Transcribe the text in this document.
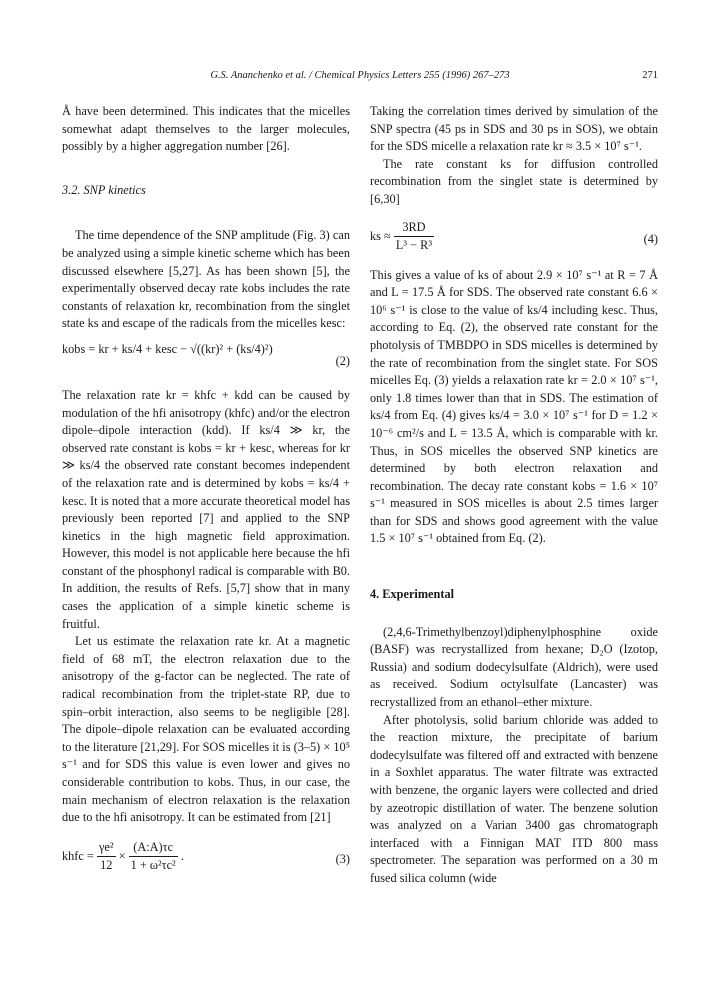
G.S. Ananchenko et al. / Chemical Physics Letters 255 (1996) 267–273	271

Å have been determined. This indicates that the micelles somewhat adapt themselves to the larger molecules, possibly by a higher aggregation number [26].

3.2. SNP kinetics

The time dependence of the SNP amplitude (Fig. 3) can be analyzed using a simple kinetic scheme which has been discussed elsewhere [5,27]. As has been shown [5], the experimentally observed decay rate kobs includes the rate constants of relaxation kr, recombination from the singlet state ks and escape of the radicals from the micelles kesc:

kobs = kr + ks/4 + kesc − √((kr)² + (ks/4)²)
(2)

The relaxation rate kr = khfc + kdd can be caused by modulation of the hfi anisotropy (khfc) and/or the electron dipole–dipole interaction (kdd). If ks/4 ≫ kr, the observed rate constant is kobs = kr + kesc, whereas for kr ≫ ks/4 the observed rate constant becomes independent of the relaxation rate and is determined by kobs = ks/4 + kesc. It is noted that a more accurate theoretical model has previously been reported [7] and applied to the SNP kinetics in the high magnetic field approximation. However, this model is not applicable here because the hfi constant of the phosphonyl radical is comparable with B0. In addition, the results of Refs. [5,7] show that in many cases the application of a simple kinetic scheme is fruitful.

Let us estimate the relaxation rate kr. At a magnetic field of 68 mT, the electron relaxation due to the anisotropy of the g-factor can be neglected. The rate of radical recombination from the triplet-state RP, due to spin–orbit interaction, also seems to be negligible [28]. The dipole–dipole relaxation can be evaluated according to the literature [21,29]. For SOS micelles it is (3–5) × 10⁵ s⁻¹ and for SDS this value is even lower and gives no considerable contribution to kobs. Thus, in our case, the main mechanism of electron relaxation is the relaxation due to the hfi anisotropy. It can be estimated from [21]

khfc = $\frac{\text{γe²}}{12} \times \frac{(A:A)\tau c}{\text{1 + ω²τc²}}$ .	(3)

Taking the correlation times derived by simulation of the SNP spectra (45 ps in SDS and 30 ps in SOS), we obtain for the SDS micelle a relaxation rate kr ≈ 3.5 × 10⁷ s⁻¹.

The rate constant ks for diffusion controlled recombination from the singlet state is determined by [6,30]

ks ≈ $\frac{3RD}{\text{L³ − R³}}$	(4)

This gives a value of ks of about 2.9 × 10⁷ s⁻¹ at R = 7 Å and L = 17.5 Å for SDS. The observed rate constant 6.6 × 10⁶ s⁻¹ is close to the value of ks/4 including kesc. Thus, according to Eq. (2), the observed rate constant for the photolysis of TMBDPO in SDS micelles is determined by the rate of recombination from the singlet state. For SOS micelles Eq. (3) yields a relaxation rate kr = 2.0 × 10⁷ s⁻¹, only 1.8 times lower than that in SDS. The estimation of ks/4 from Eq. (4) gives ks/4 = 3.0 × 10⁷ s⁻¹ for D = 1.2 × 10⁻⁶ cm²/s and L = 13.5 Å, which is comparable with kr. Thus, in SOS micelles the observed SNP kinetics are determined by both electron relaxation and recombination. The decay rate constant kobs = 1.6 × 10⁷ s⁻¹ measured in SOS micelles is about 2.5 times larger than for SDS and shows good agreement with the value 1.5 × 10⁷ s⁻¹ obtained from Eq. (2).

4. Experimental

(2,4,6-Trimethylbenzoyl)diphenylphosphine oxide (BASF) was recrystallized from hexane; D₂O (Izotop, Russia) and sodium dodecylsulfate (Aldrich), were used as received. Sodium octylsulfate (Lancaster) was recrystallized from an ethanol–ether mixture.

After photolysis, solid barium chloride was added to the reaction mixture, the precipitate of barium dodecylsulfate was filtered off and extracted with benzene in a Soxhlet apparatus. The water filtrate was extracted with benzene, the organic layers were collected and dried by azeotropic distillation of water. The benzene solution was analyzed on a Varian 3400 gas chromatograph interfaced with a Finnigan MAT ITD 800 mass spectrometer. The separation was performed on a 30 m fused silica column (wide
